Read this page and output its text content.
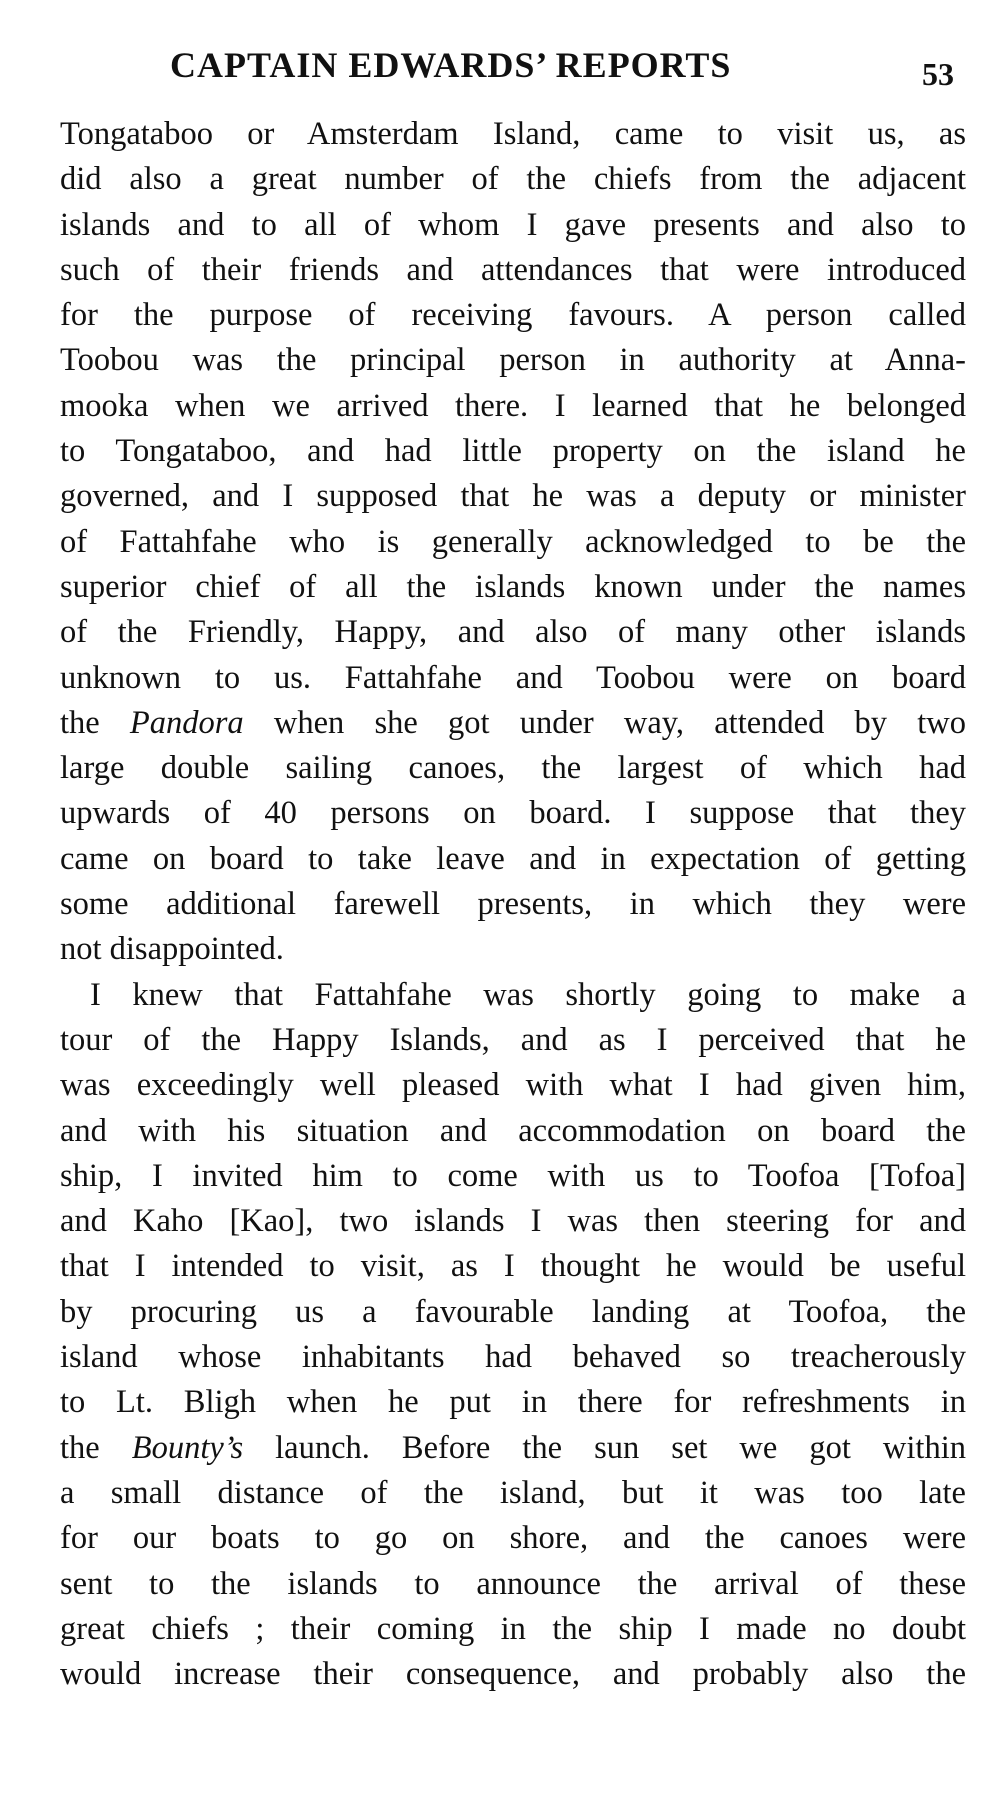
CAPTAIN EDWARDS’ REPORTS	53
Tongataboo or Amsterdam Island, came to visit us, as
did also a great number of the chiefs from the adjacent
islands and to all of whom I gave presents and also to
such of their friends and attendances that were introduced
for the purpose of receiving favours. A person called
Toobou was the principal person in authority at Anna-
mooka when we arrived there. I learned that he belonged
to Tongataboo, and had little property on the island he
governed, and I supposed that he was a deputy or minister
of Fattahfahe who is generally acknowledged to be the
superior chief of all the islands known under the names
of the Friendly, Happy, and also of many other islands
unknown to us. Fattahfahe and Toobou were on board
the Pandora when she got under way, attended by two
large double sailing canoes, the largest of which had
upwards of 40 persons on board. I suppose that they
came on board to take leave and in expectation of getting
some additional farewell presents, in which they were
not disappointed.
I knew that Fattahfahe was shortly going to make a
tour of the Happy Islands, and as I perceived that he
was exceedingly well pleased with what I had given him,
and with his situation and accommodation on board the
ship, I invited him to come with us to Toofoa [Tofoa]
and Kaho [Kao], two islands I was then steering for and
that I intended to visit, as I thought he would be useful
by procuring us a favourable landing at Toofoa, the
island whose inhabitants had behaved so treacherously
to Lt. Bligh when he put in there for refreshments in
the Bounty’s launch. Before the sun set we got within
a small distance of the island, but it was too late
for our boats to go on shore, and the canoes were
sent to the islands to announce the arrival of these
great chiefs ; their coming in the ship I made no doubt
would increase their consequence, and probably also the
